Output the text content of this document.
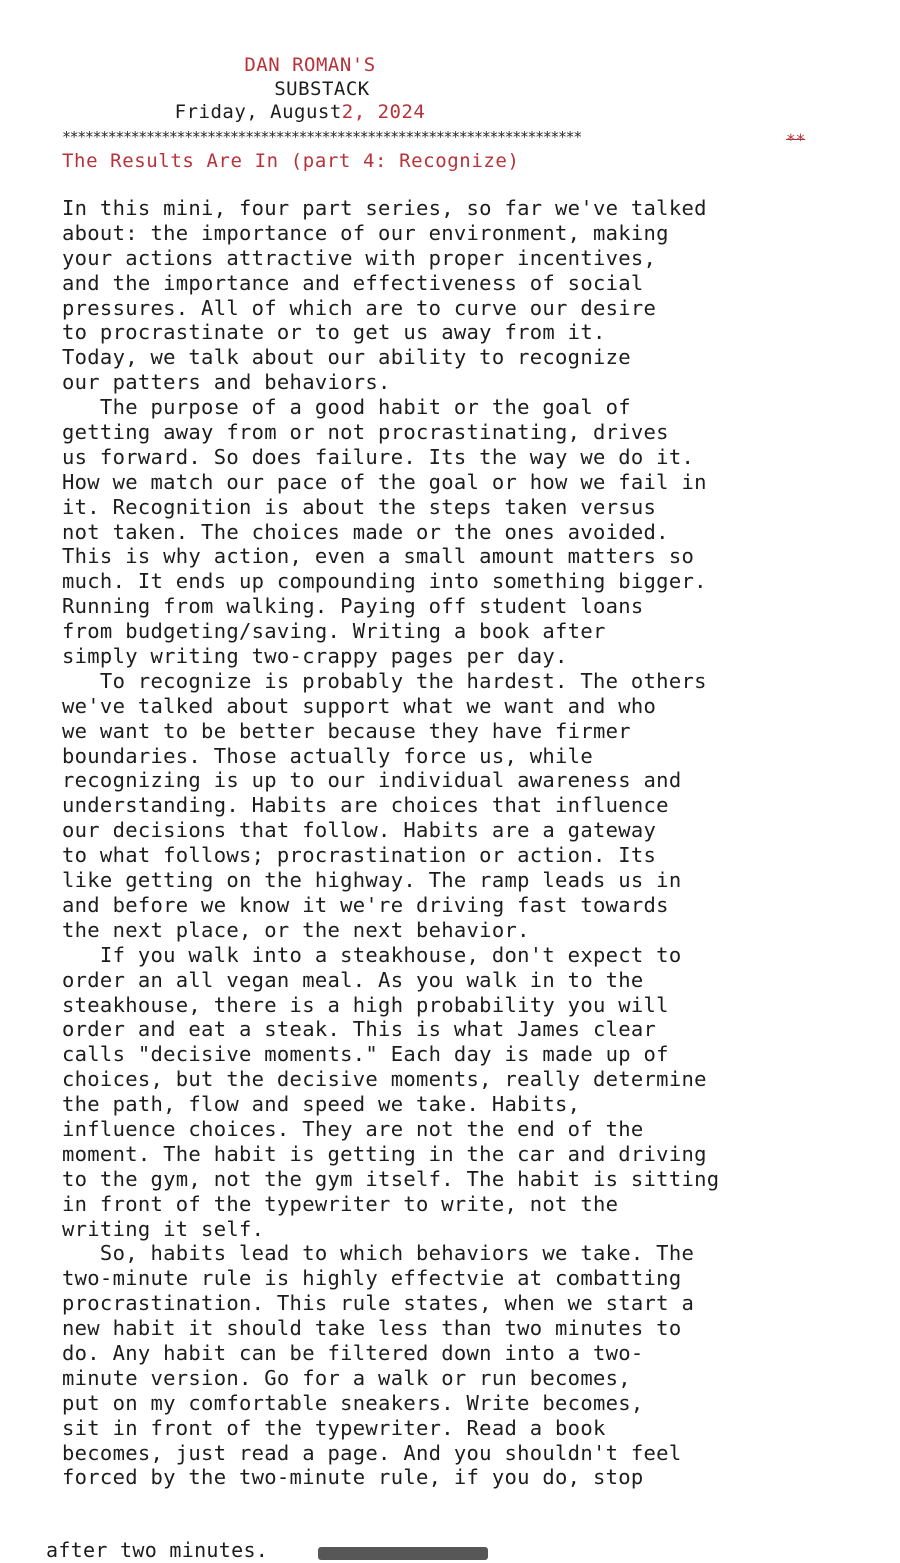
DAN ROMAN'S
SUBSTACK
Friday, August2, 2024
********************************************************************	**
The Results Are In (part 4: Recognize)
In this mini, four part series, so far we've talked
about: the importance of our environment, making
your actions attractive with proper incentives,
and the importance and effectiveness of social
pressures. All of which are to curve our desire
to procrastinate or to get us away from it.
Today, we talk about our ability to recognize
our patters and behaviors.
The purpose of a good habit or the goal of
getting away from or not procrastinating, drives
us forward. So does failure. Its the way we do it.
How we match our pace of the goal or how we fail in
it. Recognition is about the steps taken versus
not taken. The choices made or the ones avoided.
This is why action, even a small amount matters so
much. It ends up compounding into something bigger.
Running from walking. Paying off student loans
from budgeting/saving. Writing a book after
simply writing two-crappy pages per day.
To recognize is probably the hardest. The others
we've talked about support what we want and who
we want to be better because they have firmer
boundaries. Those actually force us, while
recognizing is up to our individual awareness and
understanding. Habits are choices that influence
our decisions that follow. Habits are a gateway
to what follows; procrastination or action. Its
like getting on the highway. The ramp leads us in
and before we know it we're driving fast towards
the next place, or the next behavior.
If you walk into a steakhouse, don't expect to
order an all vegan meal. As you walk in to the
steakhouse, there is a high probability you will
order and eat a steak. This is what James clear
calls "decisive moments." Each day is made up of
choices, but the decisive moments, really determine
the path, flow and speed we take. Habits,
influence choices. They are not the end of the
moment. The habit is getting in the car and driving
to the gym, not the gym itself. The habit is sitting
in front of the typewriter to write, not the
writing it self.
So, habits lead to which behaviors we take. The
two-minute rule is highly effectvie at combatting
procrastination. This rule states, when we start a
new habit it should take less than two minutes to
do. Any habit can be filtered down into a two-
minute version. Go for a walk or run becomes,
put on my comfortable sneakers. Write becomes,
sit in front of the typewriter. Read a book
becomes, just read a page. And you shouldn't feel
forced by the two-minute rule, if you do, stop
after two minutes.
